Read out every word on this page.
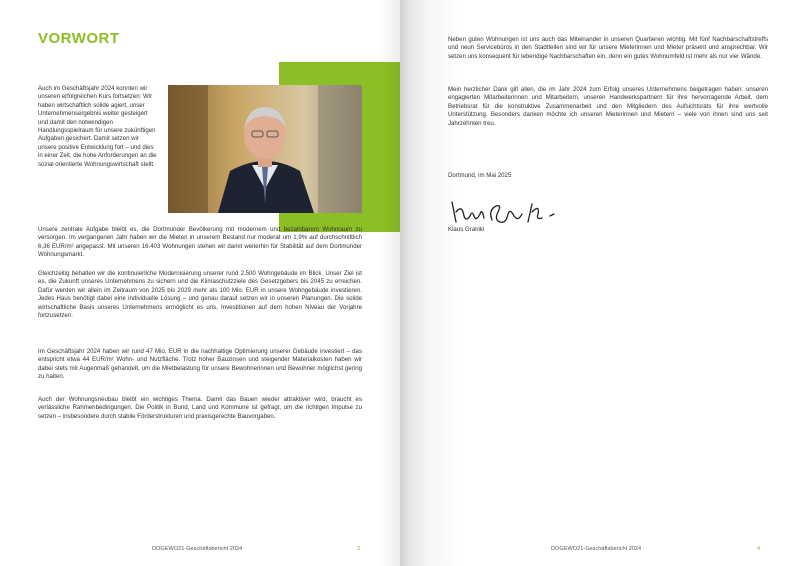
VORWORT

Auch im Geschäftsjahr 2024 konnten wir unseren erfolgreichen Kurs fortsetzen: Wir haben wirtschaftlich solide agiert, unser Unternehmensergebnis weiter gesteigert und damit den notwendigen Handlungsspielraum für unsere zukünftigen Aufgaben gesichert. Damit setzen wir unsere positive Entwicklung fort – und dies in einer Zeit, die hohe Anforderungen an die sozial orientierte Wohnungswirtschaft stellt.

Unsere zentrale Aufgabe bleibt es, die Dortmunder Bevölkerung mit modernem und bezahlbarem Wohnraum zu versorgen. Im vergangenen Jahr haben wir die Mieten in unserem Bestand nur moderat um 1,9% auf durchschnittlich 6,36 EUR/m² angepasst. Mit unseren 16.403 Wohnungen stehen wir damit weiterhin für Stabilität auf dem Dortmunder Wohnungsmarkt.

Gleichzeitig behalten wir die kontinuierliche Modernisierung unserer rund 2.500 Wohngebäude im Blick. Unser Ziel ist es, die Zukunft unseres Unternehmens zu sichern und die Klimaschutzziele des Gesetzgebers bis 2045 zu erreichen. Dafür werden wir allein im Zeitraum von 2025 bis 2029 mehr als 100 Mio. EUR in unsere Wohngebäude investieren. Jedes Haus benötigt dabei eine individuelle Lösung – und genau darauf setzen wir in unseren Planungen. Die solide wirtschaftliche Basis unseres Unternehmens ermöglicht es uns, Investitionen auf dem hohen Niveau der Vorjahre fortzusetzen.

Im Geschäftsjahr 2024 haben wir rund 47 Mio. EUR in die nachhaltige Optimierung unserer Gebäude investiert – das entspricht etwa 44 EUR/m² Wohn- und Nutzfläche. Trotz hoher Bauzinsen und steigender Materialkosten haben wir dabei stets mit Augenmaß gehandelt, um die Mietbelastung für unsere Bewohnerinnen und Bewohner möglichst gering zu halten.

Auch der Wohnungsneubau bleibt ein wichtiges Thema. Damit das Bauen wieder attraktiver wird, braucht es verlässliche Rahmenbedingungen. Die Politik in Bund, Land und Kommune ist gefragt, um die richtigen Impulse zu setzen – insbesondere durch stabile Förderstrukturen und praxisgerechte Bauvorgaben.

DOGEWO21-Geschäftsbericht 2024	3

Neben guten Wohnungen ist uns auch das Miteinander in unseren Quartieren wichtig. Mit fünf Nachbarschaftstreffs und neun Servicebüros in den Stadtteilen sind wir für unsere Mieterinnen und Mieter präsent und ansprechbar. Wir setzen uns konsequent für lebendige Nachbarschaften ein, denn ein gutes Wohnumfeld ist mehr als nur vier Wände.

Mein herzlicher Dank gilt allen, die im Jahr 2024 zum Erfolg unseres Unternehmens beigetragen haben: unseren engagierten Mitarbeiterinnen und Mitarbeitern, unseren Handwerkspartnern für ihre hervorragende Arbeit, dem Betriebsrat für die konstruktive Zusammenarbeit und den Mitgliedern des Aufsichtsrats für ihre wertvolle Unterstützung. Besonders danken möchte ich unseren Mieterinnen und Mietern – viele von ihnen sind uns seit Jahrzehnten treu.

Dortmund, im Mai 2025

Klaus Graniki

DOGEWO21-Geschäftsbericht 2024	4
